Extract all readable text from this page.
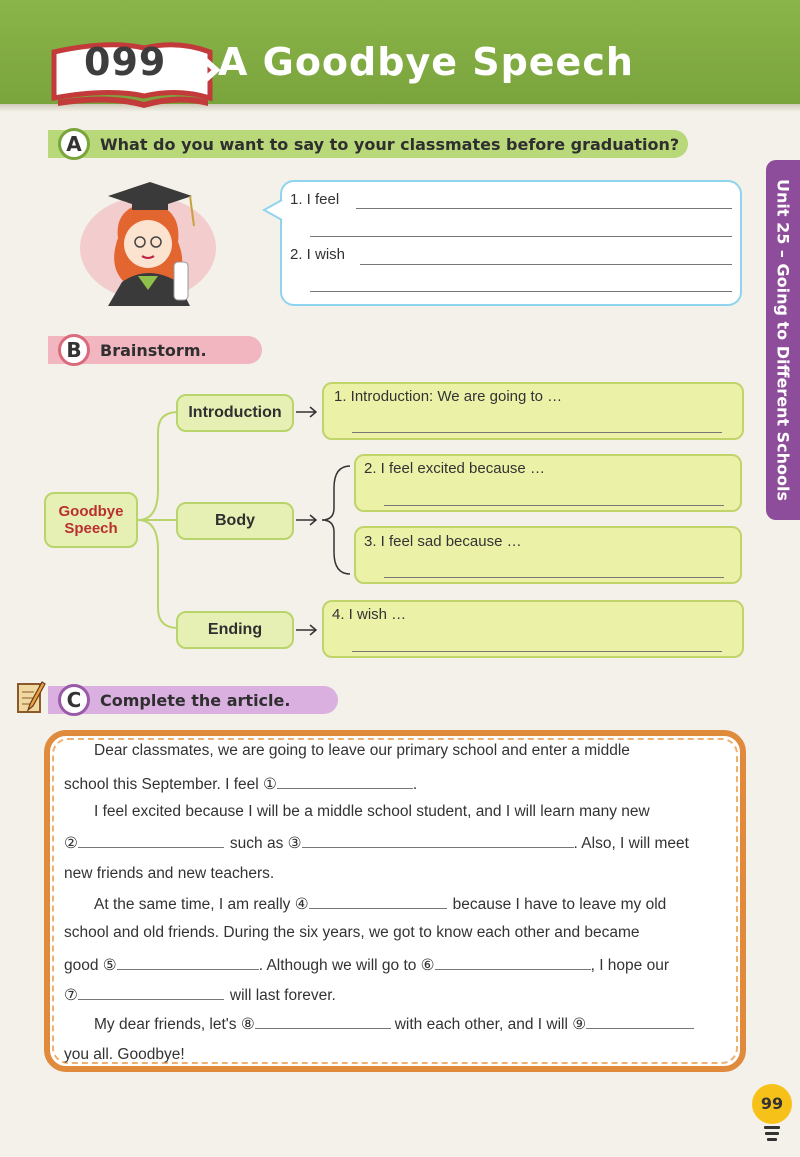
099 A Goodbye Speech
Unit 25 – Going to Different Schools
What do you want to say to your classmates before graduation?
A
1. I feel
2. I wish
Brainstorm.
B
Goodbye
Speech
Introduction
Body
Ending
1. Introduction: We are going to …
2. I feel excited because …
3. I feel sad because …
4. I wish …
Complete the article.
C
Dear classmates, we are going to leave our primary school and enter a middle
school this September. I feel ①	.
I feel excited because I will be a middle school student, and I will learn many new
②	such as ③	. Also, I will meet
new friends and new teachers.
At the same time, I am really ④	because I have to leave my old
school and old friends. During the six years, we got to know each other and became
good ⑤	. Although we will go to ⑥	, I hope our
⑦	will last forever.
My dear friends, let's ⑧	with each other, and I will ⑨
you all. Goodbye!
99
